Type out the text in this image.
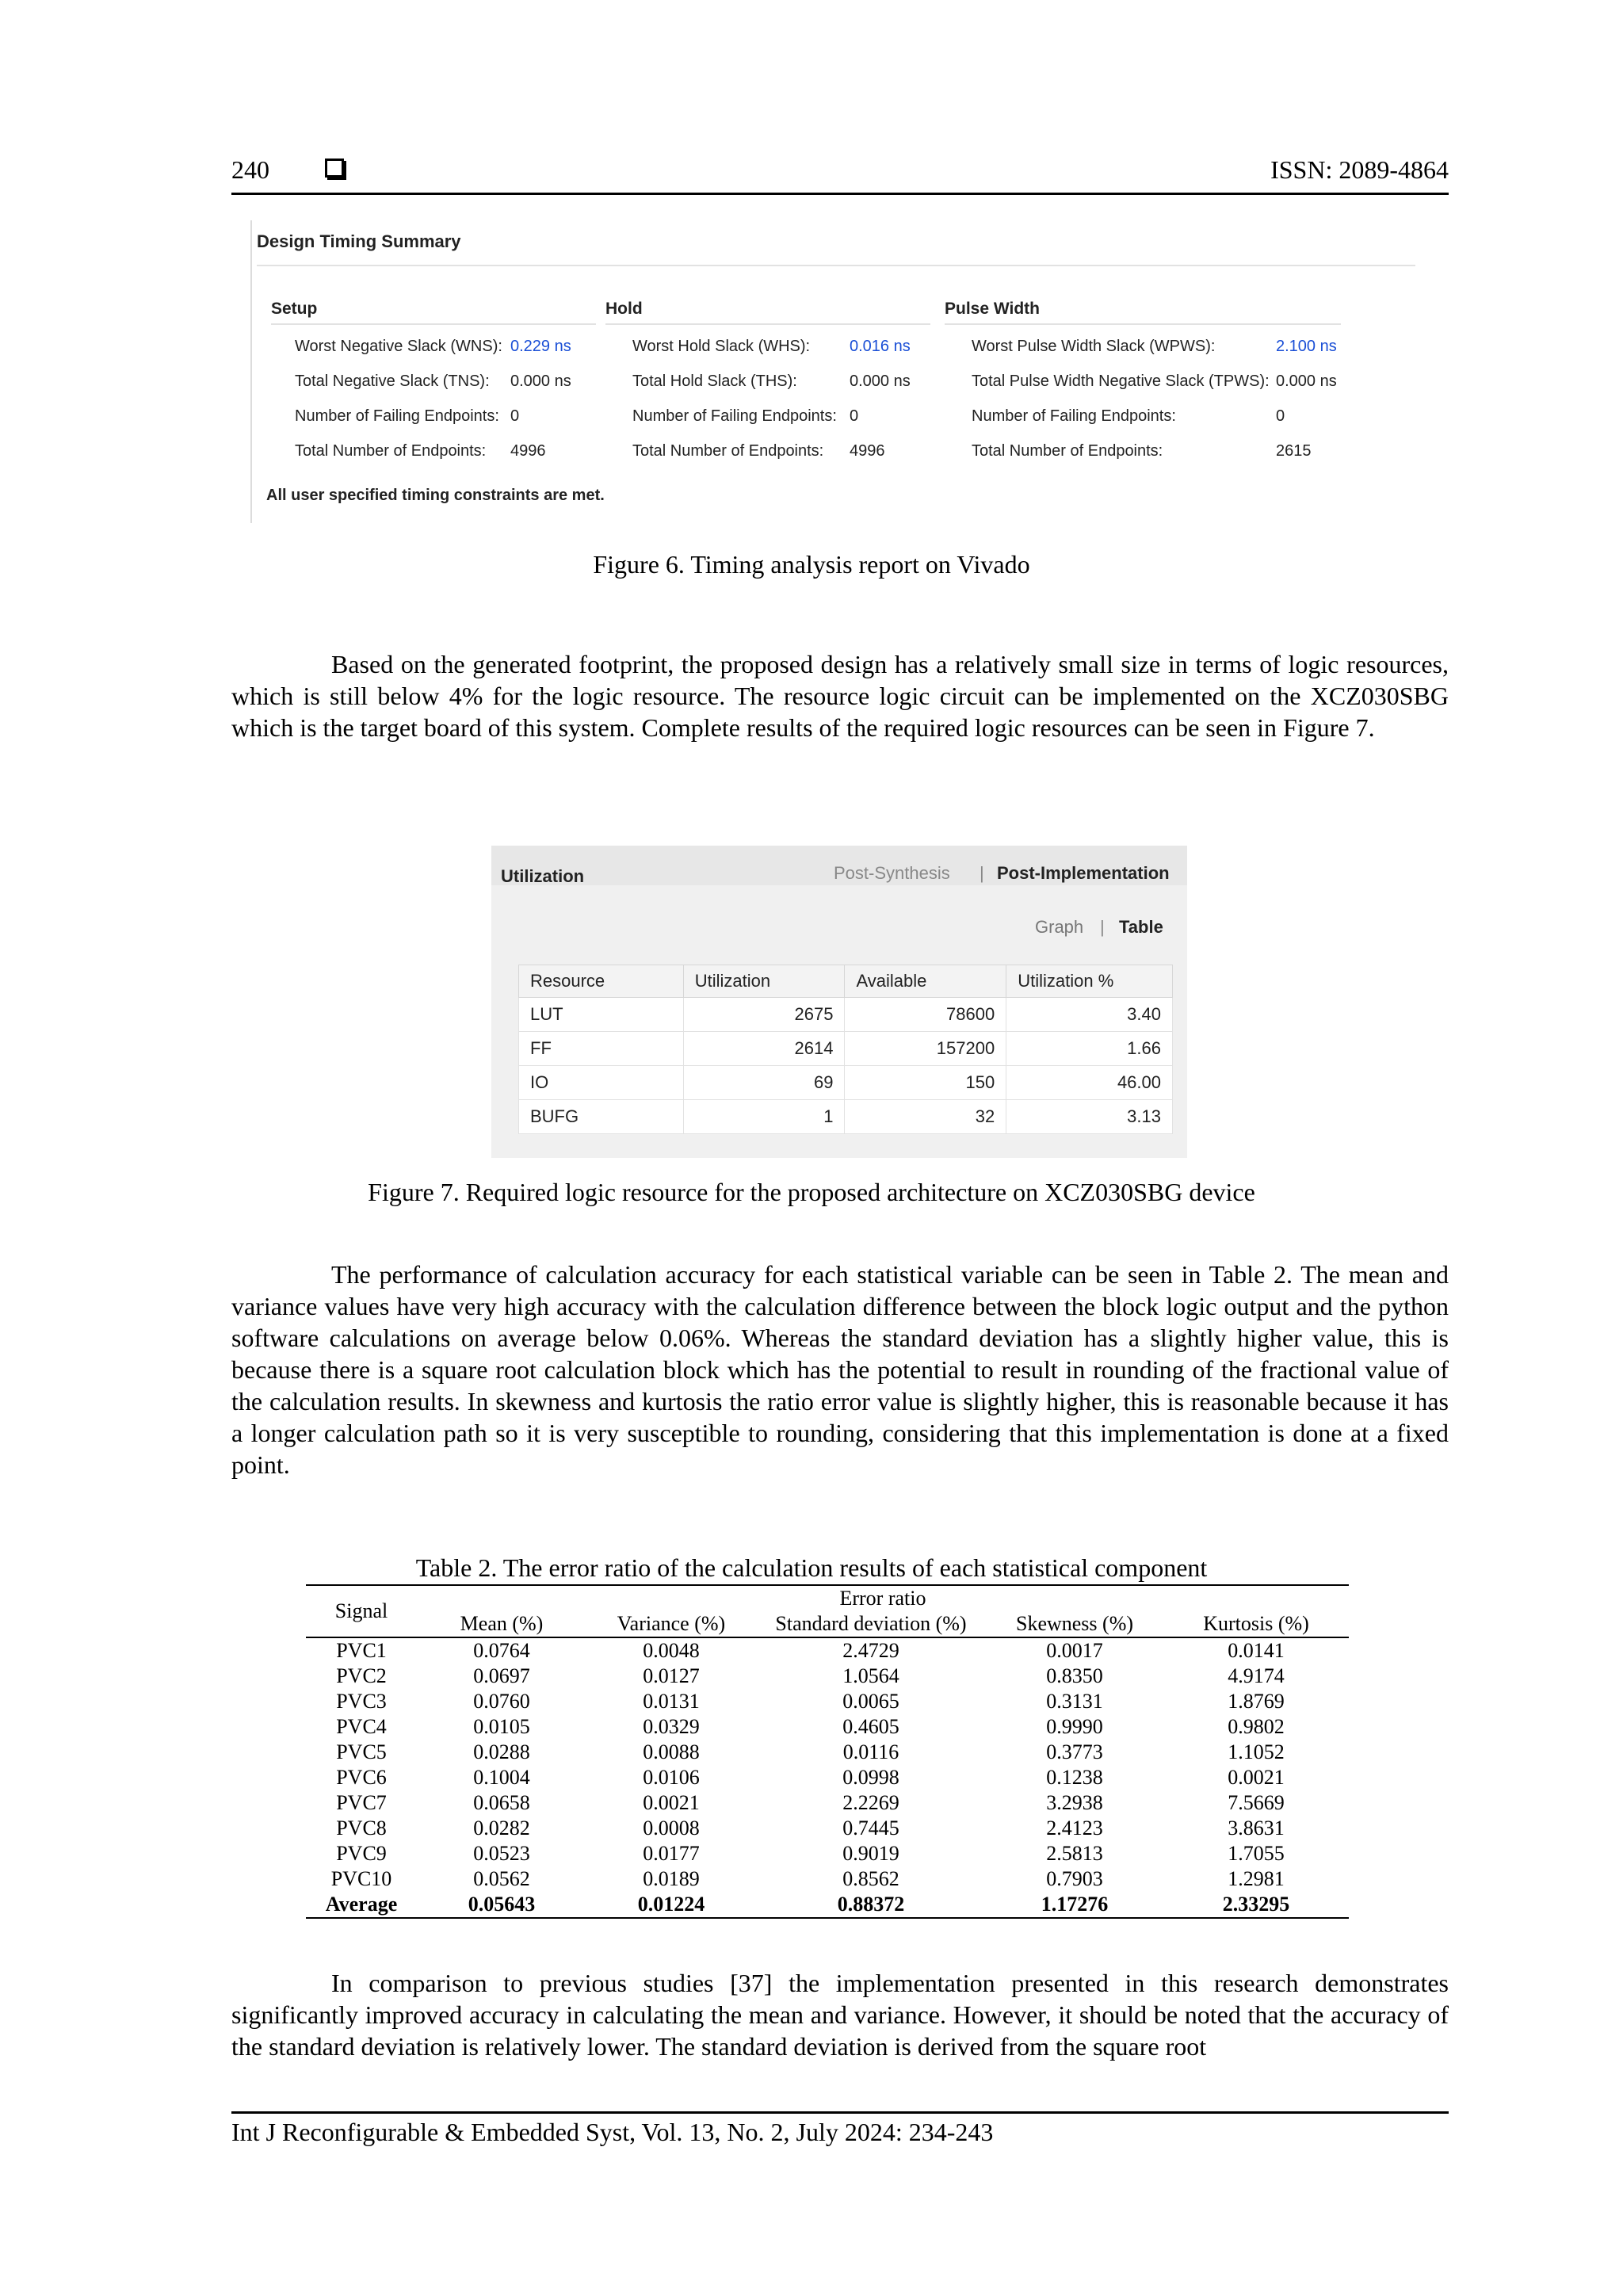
240	ISSN: 2089-4864
Design Timing Summary
Setup	Hold	Pulse Width
Worst Negative Slack (WNS): 0.229 ns
Total Negative Slack (TNS): 0.000 ns
Number of Failing Endpoints: 0
Total Number of Endpoints: 4996
Worst Hold Slack (WHS): 0.016 ns
Total Hold Slack (THS):	0.000 ns
Number of Failing Endpoints: 0
Total Number of Endpoints: 4996
Worst Pulse Width Slack (WPWS):	2.100 ns
Total Pulse Width Negative Slack (TPWS): 0.000 ns
Number of Failing Endpoints:	0
Total Number of Endpoints:	2615
All user specified timing constraints are met.
Figure 6. Timing analysis report on Vivado
Based on the generated footprint, the proposed design has a relatively small size in terms of logic resources, which is still below 4% for the logic resource. The resource logic circuit can be implemented on the XCZ030SBG which is the target board of this system. Complete results of the required logic resources can be seen in Figure 7.
Utilization	Post-Synthesis | Post-Implementation
Graph | Table
Resource	Utilization	Available	Utilization %
LUT	2675	78600	3.40
FF	2614	157200	1.66
IO	69	150	46.00
BUFG	1	32	3.13
Figure 7. Required logic resource for the proposed architecture on XCZ030SBG device
The performance of calculation accuracy for each statistical variable can be seen in Table 2. The mean and variance values have very high accuracy with the calculation difference between the block logic output and the python software calculations on average below 0.06%. Whereas the standard deviation has a slightly higher value, this is because there is a square root calculation block which has the potential to result in rounding of the fractional value of the calculation results. In skewness and kurtosis the ratio error value is slightly higher, this is reasonable because it has a longer calculation path so it is very susceptible to rounding, considering that this implementation is done at a fixed point.
Table 2. The error ratio of the calculation results of each statistical component
Signal	Error ratio				
	Mean (%)	Variance (%)	Standard deviation (%)	Skewness (%)	Kurtosis (%)
PVC1	0.0764	0.0048	2.4729	0.0017	0.0141
PVC2	0.0697	0.0127	1.0564	0.8350	4.9174
PVC3	0.0760	0.0131	0.0065	0.3131	1.8769
PVC4	0.0105	0.0329	0.4605	0.9990	0.9802
PVC5	0.0288	0.0088	0.0116	0.3773	1.1052
PVC6	0.1004	0.0106	0.0998	0.1238	0.0021
PVC7	0.0658	0.0021	2.2269	3.2938	7.5669
PVC8	0.0282	0.0008	0.7445	2.4123	3.8631
PVC9	0.0523	0.0177	0.9019	2.5813	1.7055
PVC10	0.0562	0.0189	0.8562	0.7903	1.2981
Average	0.05643	0.01224	0.88372	1.17276	2.33295
In comparison to previous studies [37] the implementation presented in this research demonstrates significantly improved accuracy in calculating the mean and variance. However, it should be noted that the accuracy of the standard deviation is relatively lower. The standard deviation is derived from the square root
Int J Reconfigurable & Embedded Syst, Vol. 13, No. 2, July 2024: 234-243
